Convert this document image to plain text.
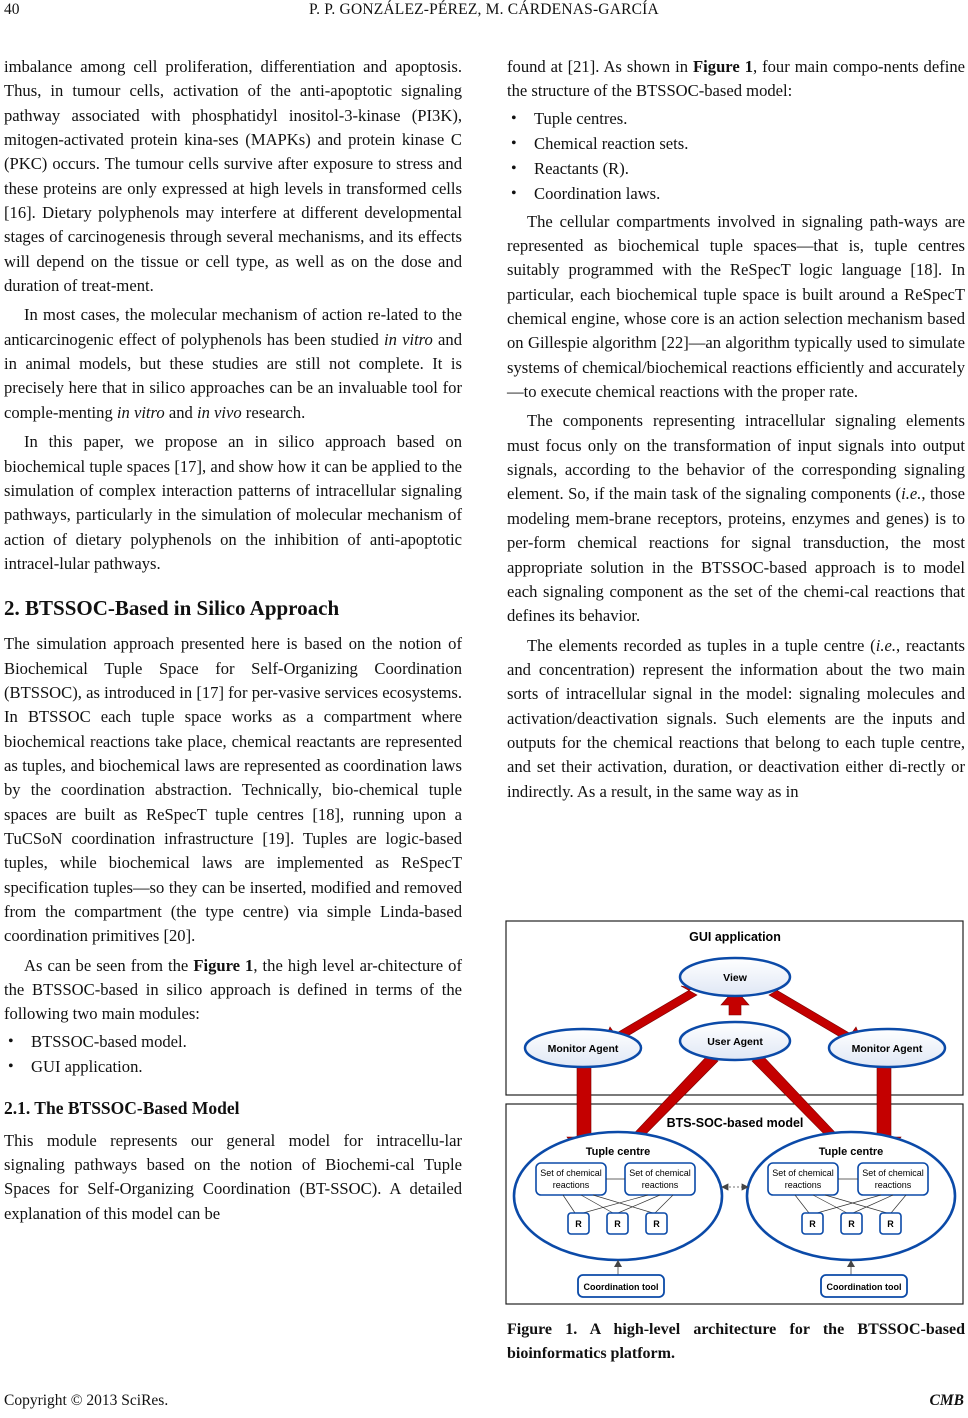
40	P. P. GONZÁLEZ-PÉREZ, M. CÁRDENAS-GARCÍA

imbalance among cell proliferation, differentiation and apoptosis. Thus, in tumour cells, activation of the anti-apoptotic signaling pathway associated with phosphatidyl inositol-3-kinase (PI3K), mitogen-activated protein kina-ses (MAPKs) and protein kinase C (PKC) occurs. The tumour cells survive after exposure to stress and these proteins are only expressed at high levels in transformed cells [16]. Dietary polyphenols may interfere at different developmental stages of carcinogenesis through several mechanisms, and its effects will depend on the tissue or cell type, as well as on the dose and duration of treat-ment.

In most cases, the molecular mechanism of action re-lated to the anticarcinogenic effect of polyphenols has been studied in vitro and in animal models, but these studies are still not complete. It is precisely here that in silico approaches can be an invaluable tool for comple-menting in vitro and in vivo research.

In this paper, we propose an in silico approach based on biochemical tuple spaces [17], and show how it can be applied to the simulation of complex interaction patterns of intracellular signaling pathways, particularly in the simulation of molecular mechanism of action of dietary polyphenols on the inhibition of anti-apoptotic intracel-lular pathways.

2. BTSSOC-Based in Silico Approach

The simulation approach presented here is based on the notion of Biochemical Tuple Space for Self-Organizing Coordination (BTSSOC), as introduced in [17] for per-vasive services ecosystems. In BTSSOC each tuple space works as a compartment where biochemical reactions take place, chemical reactants are represented as tuples, and biochemical laws are represented as coordination laws by the coordination abstraction. Technically, bio-chemical tuple spaces are built as ReSpecT tuple centres [18], running upon a TuCSoN coordination infrastructure [19]. Tuples are logic-based tuples, while biochemical laws are implemented as ReSpecT specification tuples—so they can be inserted, modified and removed from the compartment (the type centre) via simple Linda-based coordination primitives [20].

As can be seen from the Figure 1, the high level ar-chitecture of the BTSSOC-based in silico approach is defined in terms of the following two main modules:

• BTSSOC-based model.
• GUI application.
2.1. The BTSSOC-Based Model

This module represents our general model for intracellu-lar signaling pathways based on the notion of Biochemi-cal Tuple Spaces for Self-Organizing Coordination (BT-SSOC). A detailed explanation of this model can be

found at [21]. As shown in Figure 1, four main compo-nents define the structure of the BTSSOC-based model:

• Tuple centres.
• Chemical reaction sets.
• Reactants (R).
• Coordination laws.

The cellular compartments involved in signaling path-ways are represented as biochemical tuple spaces—that is, tuple centres suitably programmed with the ReSpecT logic language [18]. In particular, each biochemical tuple space is built around a ReSpecT chemical engine, whose core is an action selection mechanism based on Gillespie algorithm [22]—an algorithm typically used to simulate systems of chemical/biochemical reactions efficiently and accurately—to execute chemical reactions with the proper rate.

The components representing intracellular signaling elements must focus only on the transformation of input signals into output signals, according to the behavior of the corresponding signaling element. So, if the main task of the signaling components (i.e., those modeling mem-brane receptors, proteins, enzymes and genes) is to per-form chemical reactions for signal transduction, the most appropriate solution in the BTSSOC-based approach is to model each signaling component as the set of the chemi-cal reactions that defines its behavior.

The elements recorded as tuples in a tuple centre (i.e., reactants and concentration) represent the information about the two main sorts of intracellular signal in the model: signaling molecules and activation/deactivation signals. Such elements are the inputs and outputs for the chemical reactions that belong to each tuple centre, and set their activation, duration, or deactivation either di-rectly or indirectly. As a result, in the same way as in

GUI application
BTS-SOC-based model
View
Monitor Agent
User Agent
Monitor Agent
Tuple centre
Set of chemical
reactions
Set of chemical
reactions
R	R	R
Tuple centre
Set of chemical
reactions
Set of chemical
reactions
R	R	R
Coordination tool	Coordination tool
Figure 1. A high-level architecture for the BTSSOC-based bioinformatics platform.
Copyright © 2013 SciRes.	CMB
